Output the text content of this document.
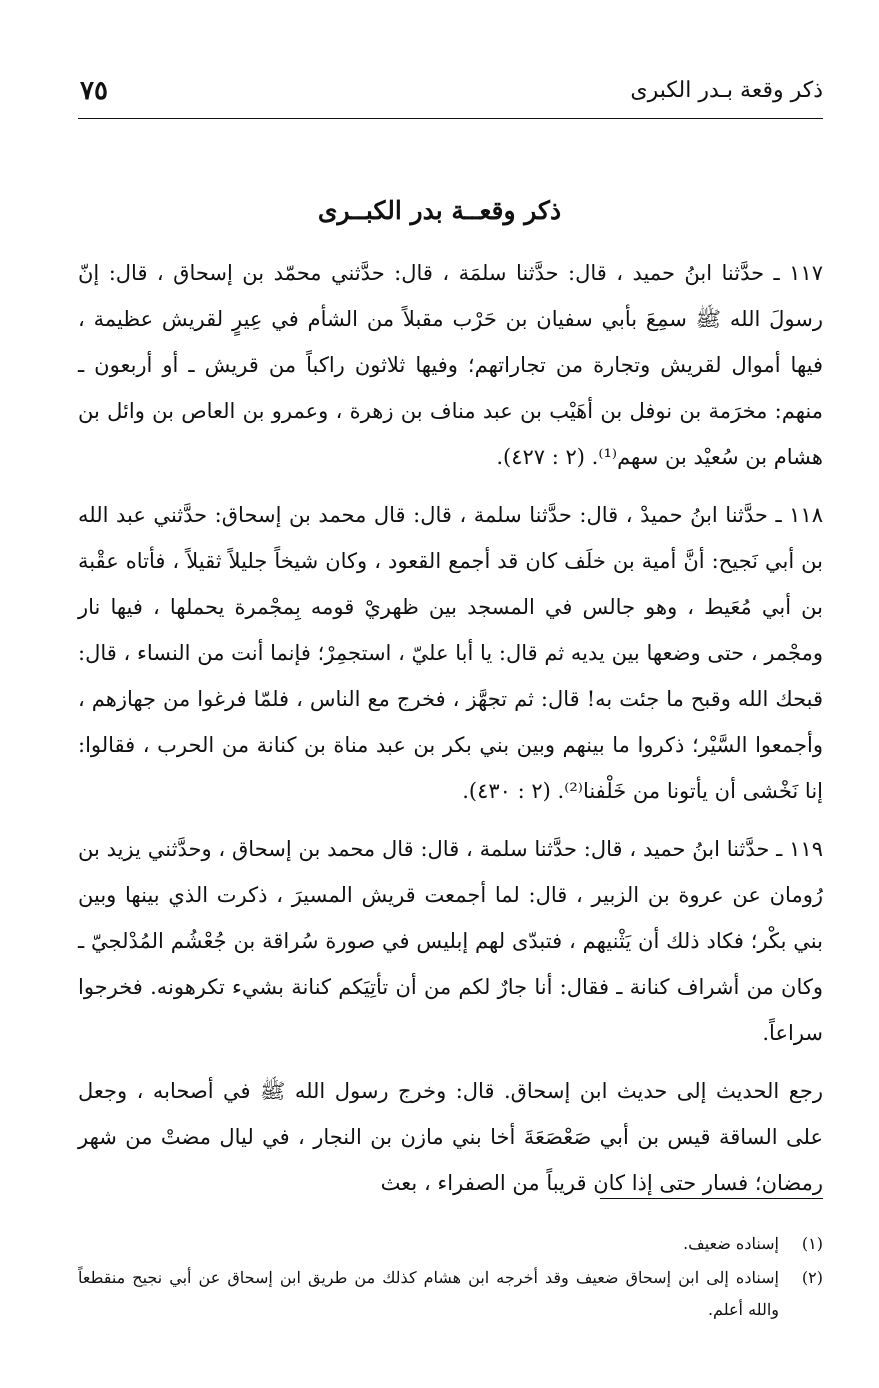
ذكر وقعة بـدر الكبرى
٧٥
ذكر وقعــة بدر الكبــرى

١١٧ ـ حدَّثنا ابنُ حميد ، قال: حدَّثنا سلمَة ، قال: حدَّثني محمّد بن إسحاق ، قال: إنّ رسولَ الله ﷺ سمِعَ بأبي سفيان بن حَرْب مقبلاً من الشأم في عِيرٍ لقريش عظيمة ، فيها أموال لقريش وتجارة من تجاراتهم؛ وفيها ثلاثون راكباً من قريش ـ أو أربعون ـ منهم: مخرَمة بن نوفل بن أهَيْب بن عبد مناف بن زهرة ، وعمرو بن العاص بن وائل بن هشام بن سُعيْد بن سهم⁽¹⁾. (٢ : ٤٢٧).

١١٨ ـ حدَّثنا ابنُ حميدْ ، قال: حدَّثنا سلمة ، قال: قال محمد بن إسحاق: حدَّثني عبد الله بن أبي نَجيح: أنَّ أمية بن خلَف كان قد أجمع القعود ، وكان شيخاً جليلاً ثقيلاً ، فأتاه عقْبة بن أبي مُعَيط ، وهو جالس في المسجد بين ظهريْ قومه بِمجْمرة يحملها ، فيها نار ومجْمر ، حتى وضعها بين يديه ثم قال: يا أبا عليّ ، استجمِرْ؛ فإنما أنت من النساء ، قال: قبحك الله وقبح ما جئت به! قال: ثم تجهَّز ، فخرج مع الناس ، فلمّا فرغوا من جهازهم ، وأجمعوا السَّيْر؛ ذكروا ما بينهم وبين بني بكر بن عبد مناة بن كنانة من الحرب ، فقالوا: إنا نَخْشى أن يأتونا من خَلْفنا⁽²⁾. (٢ : ٤٣٠).

١١٩ ـ حدَّثنا ابنُ حميد ، قال: حدَّثنا سلمة ، قال: قال محمد بن إسحاق ، وحدَّثني يزيد بن رُومان عن عروة بن الزبير ، قال: لما أجمعت قريش المسيرَ ، ذكرت الذي بينها وبين بني بكْر؛ فكاد ذلك أن يَثْنيهم ، فتبدّى لهم إبليس في صورة سُراقة بن جُعْشُم المُدْلجيّ ـ وكان من أشراف كنانة ـ فقال: أنا جارٌ لكم من أن تأتِيَكم كنانة بشيء تكرهونه. فخرجوا سراعاً.

رجع الحديث إلى حديث ابن إسحاق. قال: وخرج رسول الله ﷺ في أصحابه ، وجعل على الساقة قيس بن أبي صَعْصَعَةَ أخا بني مازن بن النجار ، في ليال مضتْ من شهر رمضان؛ فسار حتى إذا كان قريباً من الصفراء ، بعث

(١)
إسناده ضعيف.
(٢)
إسناده إلى ابن إسحاق ضعيف وقد أخرجه ابن هشام كذلك من طريق ابن إسحاق عن أبي نجيح منقطعاً والله أعلم.
